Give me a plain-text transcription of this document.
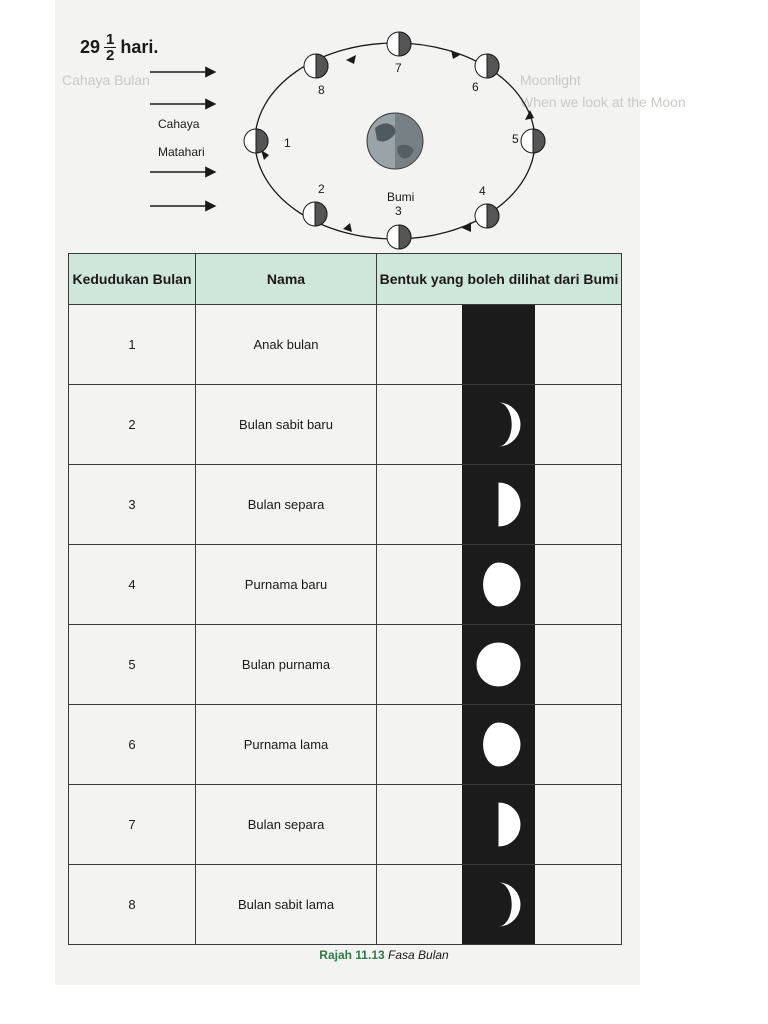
Cahaya Bulan	Moonlight
When we look at the Moon
$29 \frac{1}{2}$ hari.
Cahaya
Matahari
Bumi
1
2
3
4
5
6
7
8
Kedudukan Bulan	Nama	Bentuk yang boleh dilihat dari Bumi
1	Anak bulan	

2	Bulan sabit baru	

3	Bulan separa	

4	Purnama baru	

5	Bulan purnama	

6	Purnama lama	

7	Bulan separa	

8	Bulan sabit lama	
Rajah 11.13 Fasa Bulan
